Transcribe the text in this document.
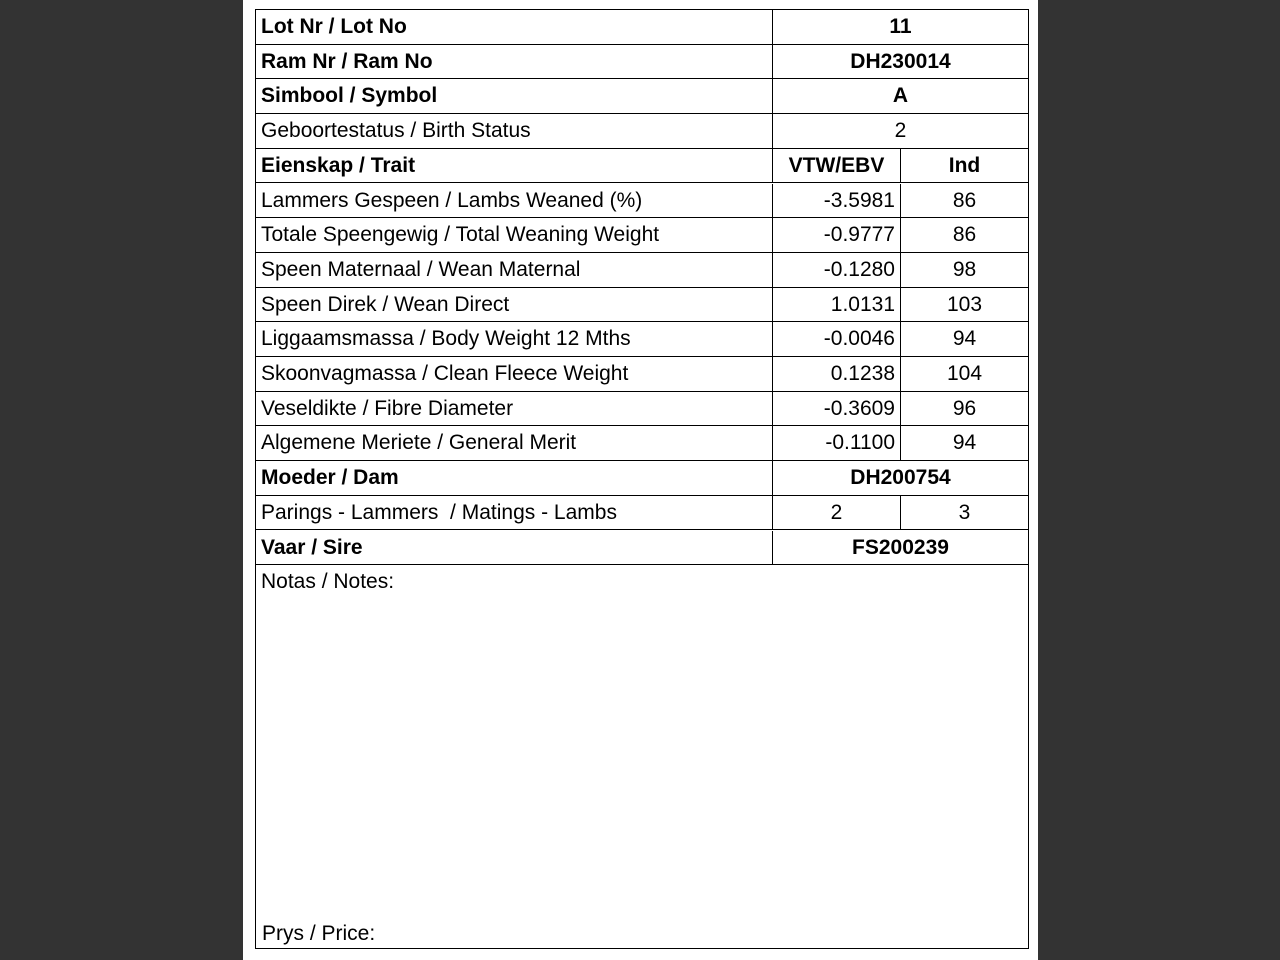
Lot Nr / Lot No	11
Ram Nr / Ram No	DH230014
Simbool / Symbol	A
Geboortestatus / Birth Status	2
Eienskap / Trait	VTW/EBV	Ind
Lammers Gespeen / Lambs Weaned (%)	-3.5981	86
Totale Speengewig / Total Weaning Weight	-0.9777	86
Speen Maternaal / Wean Maternal	-0.1280	98
Speen Direk / Wean Direct	1.0131	103
Liggaamsmassa / Body Weight 12 Mths	-0.0046	94
Skoonvagmassa / Clean Fleece Weight	0.1238	104
Veseldikte / Fibre Diameter	-0.3609	96
Algemene Meriete / General Merit	-0.1100	94
Moeder / Dam	DH200754
Parings - Lammers  / Matings - Lambs	2	3
Vaar / Sire	FS200239
Notas / Notes:
Prys / Price:
